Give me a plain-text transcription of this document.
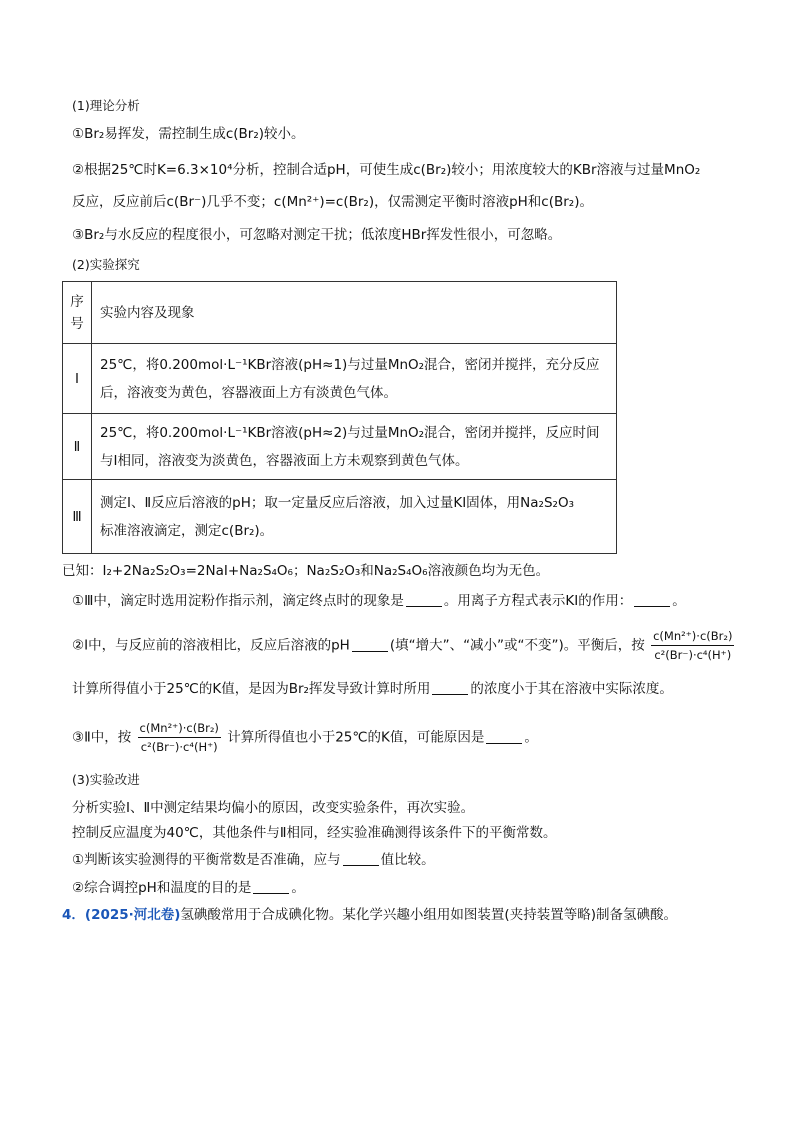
(1)理论分析
①Br₂易挥发，需控制生成c(Br₂)较小。
②根据25℃时K=6.3×10⁴分析，控制合适pH，可使生成c(Br₂)较小；用浓度较大的KBr溶液与过量MnO₂
反应，反应前后c(Br⁻)几乎不变；c(Mn²⁺)=c(Br₂)，仅需测定平衡时溶液pH和c(Br₂)。
③Br₂与水反应的程度很小，可忽略对测定干扰；低浓度HBr挥发性很小，可忽略。
(2)实验探究
序号	实验内容及现象
I	25℃，将0.200mol·L⁻¹KBr溶液(pH≈1)与过量MnO₂混合，密闭并搅拌，充分反应
后，溶液变为黄色，容器液面上方有淡黄色气体。

Ⅱ	25℃，将0.200mol·L⁻¹KBr溶液(pH≈2)与过量MnO₂混合，密闭并搅拌，反应时间
与I相同，溶液变为淡黄色，容器液面上方未观察到黄色气体。

Ⅲ	测定I、Ⅱ反应后溶液的pH；取一定量反应后溶液，加入过量KI固体，用Na₂S₂O₃
标准溶液滴定，测定c(Br₂)。
已知：I₂+2Na₂S₂O₃=2NaI+Na₂S₄O₆；Na₂S₂O₃和Na₂S₄O₆溶液颜色均为无色。
①Ⅲ中，滴定时选用淀粉作指示剂，滴定终点时的现象是	。用离子方程式表示KI的作用：	。
②I中，与反应前的溶液相比，反应后溶液的pH	(填“增大”、“减小”或“不变”)。平衡后，按 $\frac{\text{c(Mn²⁺)·c(Br₂)}}{\text{c²(Br⁻)·c⁴(H⁺)}}$
计算所得值小于25℃的K值，是因为Br₂挥发导致计算时所用	的浓度小于其在溶液中实际浓度。
③Ⅱ中，按 $\frac{\text{c(Mn²⁺)·c(Br₂)}}{\text{c²(Br⁻)·c⁴(H⁺)}}$ 计算所得值也小于25℃的K值，可能原因是	。
(3)实验改进
分析实验I、Ⅱ中测定结果均偏小的原因，改变实验条件，再次实验。
控制反应温度为40℃，其他条件与Ⅱ相同，经实验准确测得该条件下的平衡常数。
①判断该实验测得的平衡常数是否准确，应与	值比较。
②综合调控pH和温度的目的是	。
4．(2025·河北卷)氢碘酸常用于合成碘化物。某化学兴趣小组用如图装置(夹持装置等略)制备氢碘酸。
